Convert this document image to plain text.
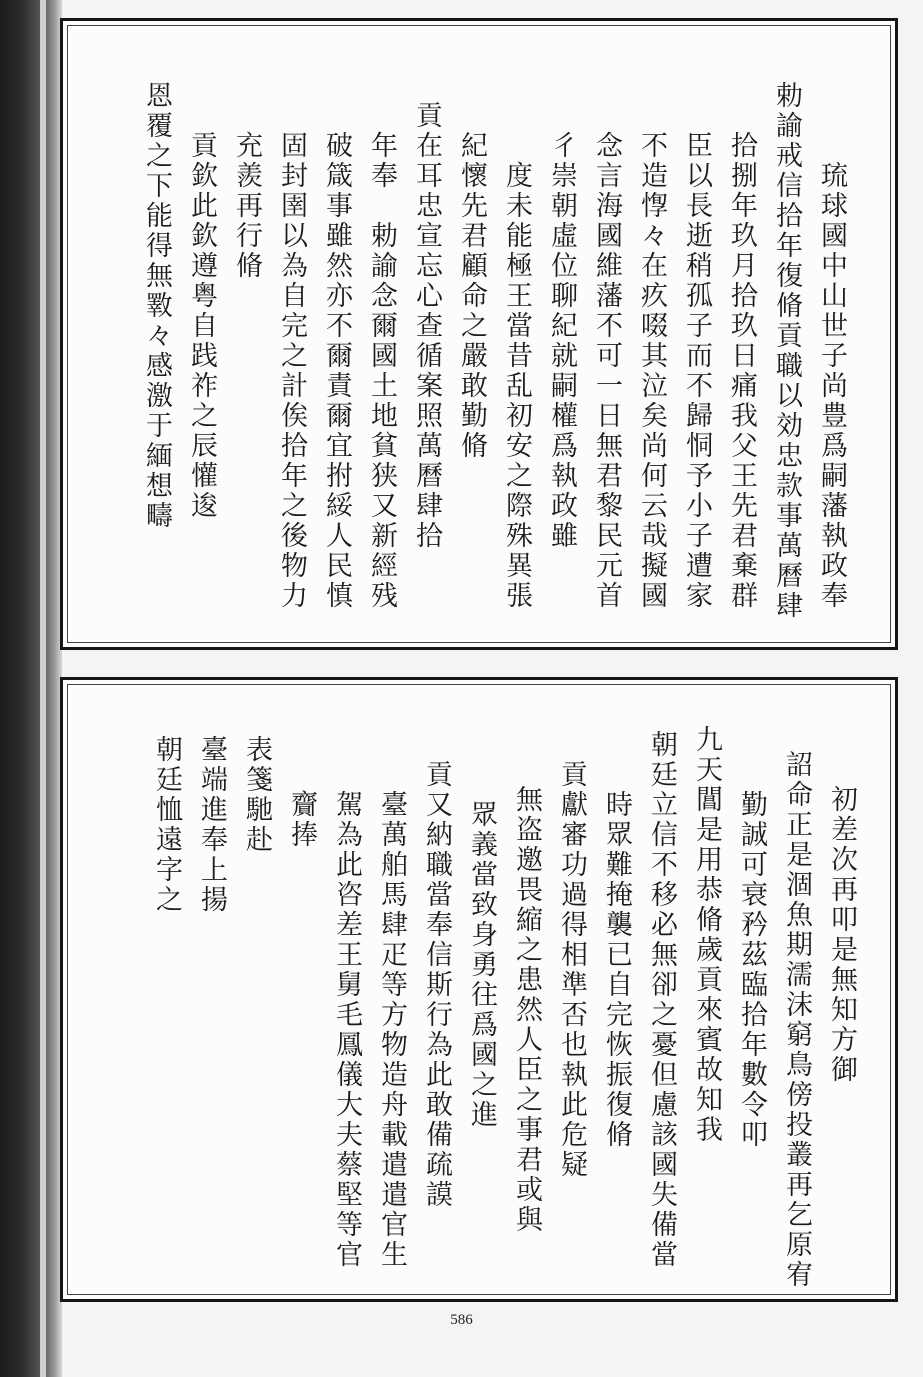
琉球國中山世子尚豊爲嗣藩執政奉
勅諭戒信拾年復脩貢職以効忠款事萬曆肆
拾捌年玖月拾玖日痛我父王先君棄群
臣以長逝稍孤子而不歸恫予小子遭家
不造惸々在疚啜其泣矣尚何云哉擬國
念言海國維藩不可一日無君黎民元首
彳崇朝虛位聊紀就嗣權爲執政雖
度未能極王當昔乱初安之際殊異張
紀懷先君顧命之嚴敢勤脩
貢在耳忠宣忘心查循案照萬曆肆拾
年奉　勅諭念爾國土地貧狭又新經残
破箴事雖然亦不爾責爾宜拊綏人民慎
固封圉以為自完之計俟拾年之後物力
充羨再行脩
貢欽此欽遵粤自践祚之辰懽逡
恩覆之下能得無斁々感激于緬想疇
初差次再叩是無知方御
詔命正是涸魚期濡沫窮鳥傍投叢再乞原宥
勤誠可衰矜茲臨拾年數令叩
九天閶是用恭脩歲貢來賓故知我
朝廷立信不移必無卻之憂但慮該國失備當
時眾難掩襲已自完恢振復脩
貢獻審功過得相準否也執此危疑
無盗邀畏縮之患然人臣之事君或與
眾義當致身勇往爲國之進
貢又納職當奉信斯行為此敢備疏謨
臺萬舶馬肆疋等方物造舟載遣遣官生
駕為此咨差王舅毛鳳儀大夫蔡堅等官
齎捧
表箋馳赴
臺端進奉上揚
朝廷恤遠字之
586
